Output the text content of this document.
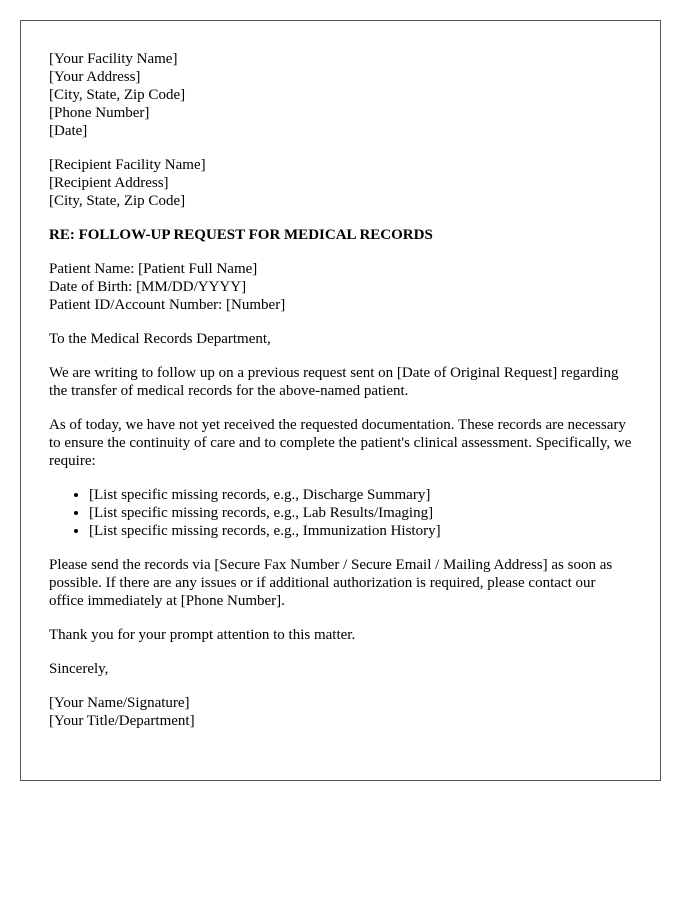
[Your Facility Name]
[Your Address]
[City, State, Zip Code]
[Phone Number]
[Date]
[Recipient Facility Name]
[Recipient Address]
[City, State, Zip Code]
RE: FOLLOW-UP REQUEST FOR MEDICAL RECORDS
Patient Name: [Patient Full Name]
Date of Birth: [MM/DD/YYYY]
Patient ID/Account Number: [Number]

To the Medical Records Department,

We are writing to follow up on a previous request sent on [Date of Original Request] regarding the transfer of medical records for the above-named patient.

As of today, we have not yet received the requested documentation. These records are necessary to ensure the continuity of care and to complete the patient's clinical assessment. Specifically, we require:

• [List specific missing records, e.g., Discharge Summary]
• [List specific missing records, e.g., Lab Results/Imaging]
• [List specific missing records, e.g., Immunization History]

Please send the records via [Secure Fax Number / Secure Email / Mailing Address] as soon as possible. If there are any issues or if additional authorization is required, please contact our office immediately at [Phone Number].

Thank you for your prompt attention to this matter.

Sincerely,

[Your Name/Signature]
[Your Title/Department]
